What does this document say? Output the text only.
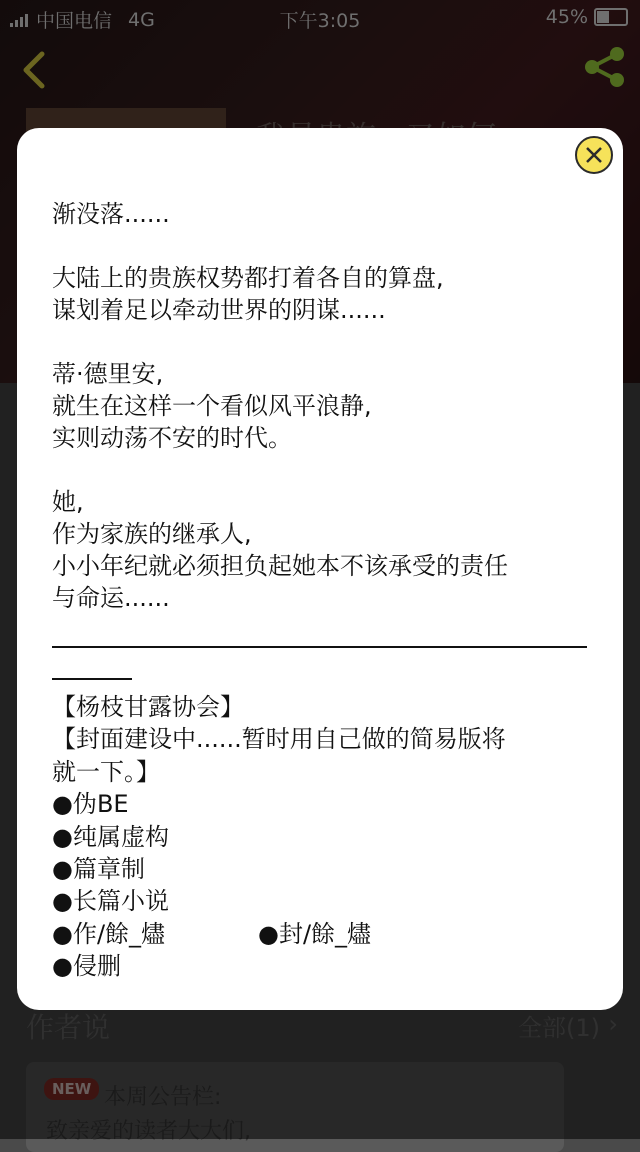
中国电信 4G	下午3:05	45%

渐没落......

大陆上的贵族权势都打着各自的算盘,

谋划着足以牵动世界的阴谋......

蒂·德里安,

就生在这样一个看似风平浪静,

实则动荡不安的时代。

她,

作为家族的继承人,

小小年纪就必须担负起她本不该承受的责任

与命运......

【杨枝甘露协会】

【封面建设中......暂时用自己做的简易版将

就一下。】

●伪BE

●纯属虚构

●篇章制

●长篇小说

●作/餘_燼	●封/餘_燼

●侵删
